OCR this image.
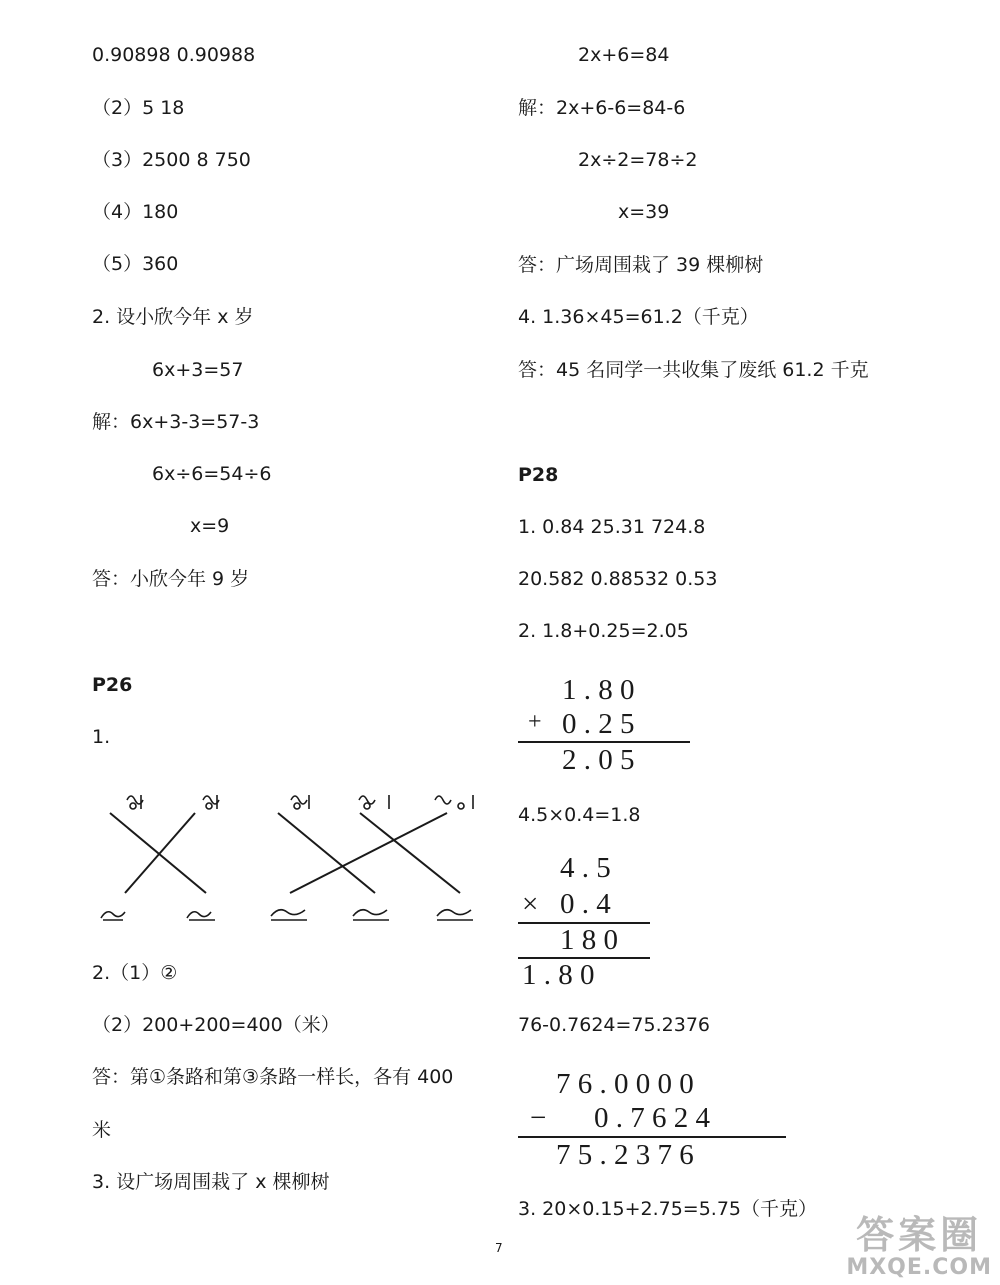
0.90898 0.90988
（2）5 18
（3）2500 8 750
（4）180
（5）360
2. 设小欣今年 x 岁
6x+3=57
解：6x+3-3=57-3
6x÷6=54÷6
x=9
答：小欣今年 9 岁
P26
1.
2.（1）②
（2）200+200=400（米）
答：第①条路和第③条路一样长，各有 400
米
3. 设广场周围栽了 x 棵柳树
2x+6=84
解：2x+6-6=84-6
2x÷2=78÷2
x=39
答：广场周围栽了 39 棵柳树
4. 1.36×45=61.2（千克）
答：45 名同学一共收集了废纸 61.2 千克
P28
1. 0.84 25.31 724.8
20.582 0.88532 0.53
2. 1.8+0.25=2.05
1 . 8 0
+ 0 . 2 5
2 . 0 5
4.5×0.4=1.8
4 . 5
× 0 . 4
1 8 0
1 . 8 0
76-0.7624=75.2376
7 6 . 0 0 0 0
− 0 . 7 6 2 4
7 5 . 2 3 7 6
3. 20×0.15+2.75=5.75（千克）
7	答案圈
MXQE.COM
